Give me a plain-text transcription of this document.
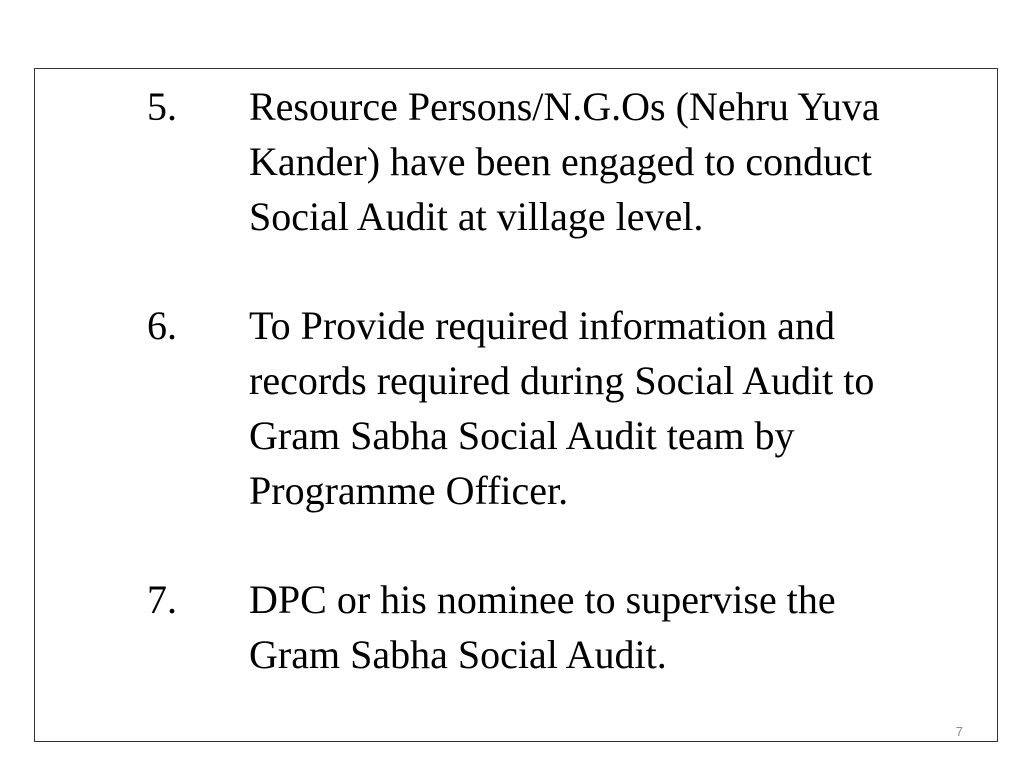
5. Resource Persons/N.G.Os (Nehru Yuva
Kander) have been engaged to conduct
Social Audit at village level.
6. To Provide required information and
records required during Social Audit to
Gram Sabha Social Audit team by
Programme Officer.
7. DPC or his nominee to supervise the
Gram Sabha Social Audit.
7
